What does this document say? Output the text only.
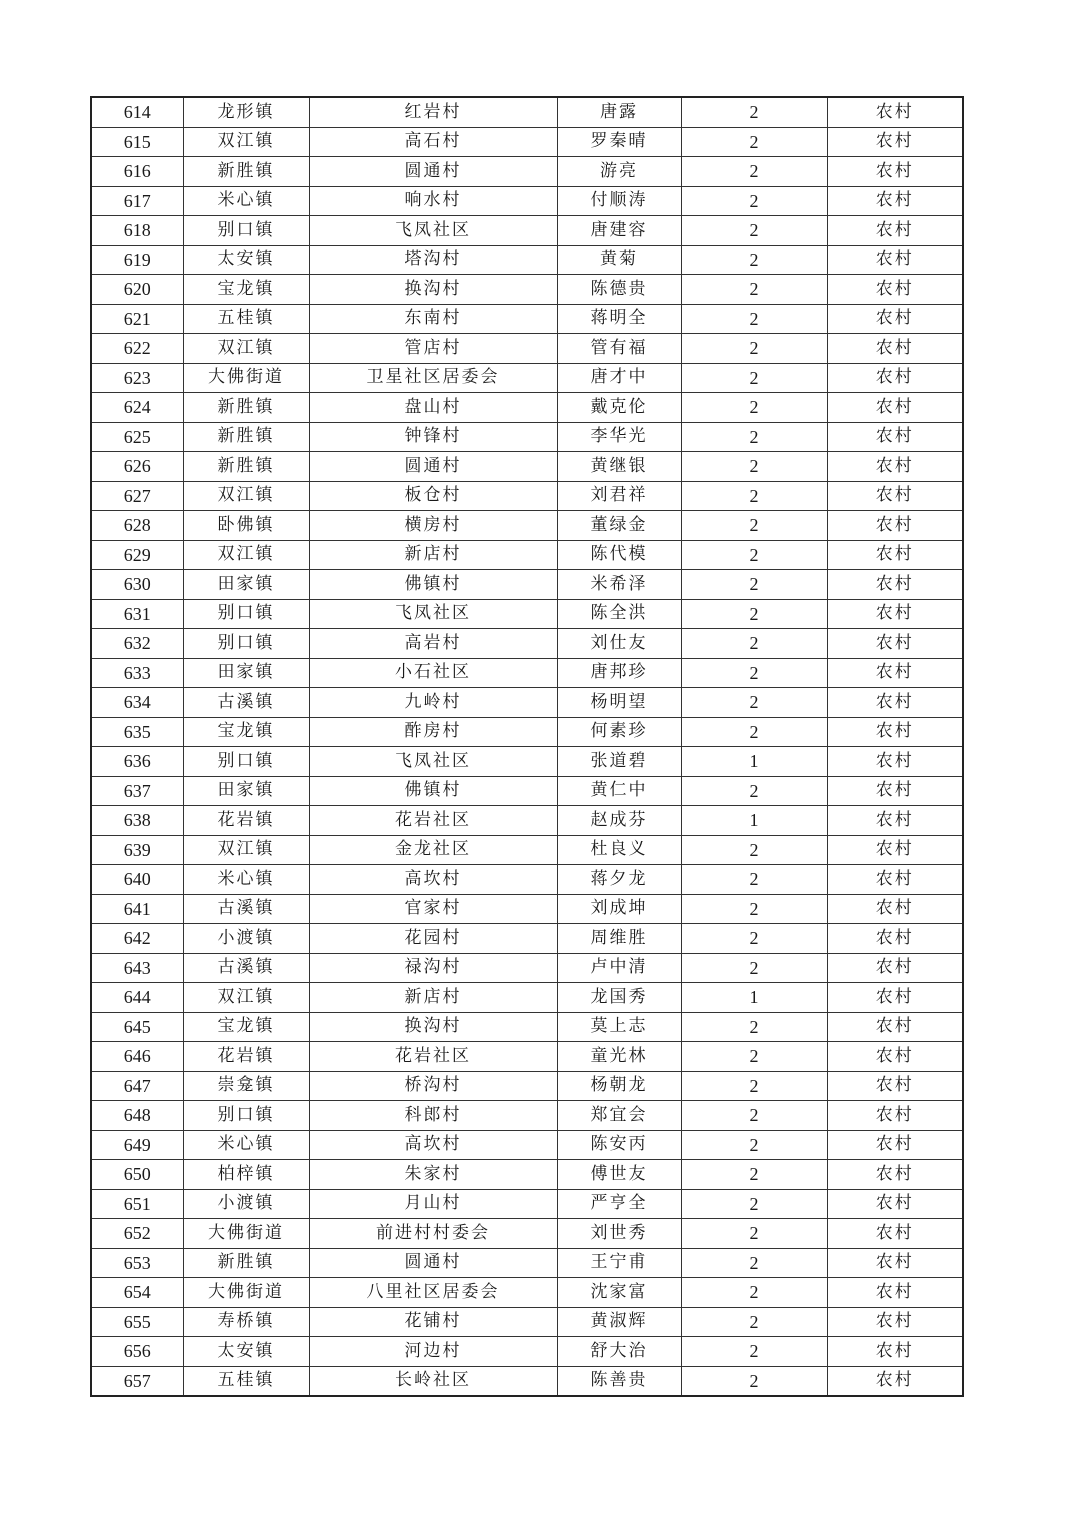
614	龙形镇	红岩村	唐露	2	农村
615	双江镇	高石村	罗秦晴	2	农村
616	新胜镇	圆通村	游亮	2	农村
617	米心镇	响水村	付顺涛	2	农村
618	别口镇	飞凤社区	唐建容	2	农村
619	太安镇	塔沟村	黄菊	2	农村
620	宝龙镇	换沟村	陈德贵	2	农村
621	五桂镇	东南村	蒋明全	2	农村
622	双江镇	管店村	管有福	2	农村
623	大佛街道	卫星社区居委会	唐才中	2	农村
624	新胜镇	盘山村	戴克伦	2	农村
625	新胜镇	钟锋村	李华光	2	农村
626	新胜镇	圆通村	黄继银	2	农村
627	双江镇	板仓村	刘君祥	2	农村
628	卧佛镇	横房村	董绿金	2	农村
629	双江镇	新店村	陈代模	2	农村
630	田家镇	佛镇村	米希泽	2	农村
631	别口镇	飞凤社区	陈全洪	2	农村
632	别口镇	高岩村	刘仕友	2	农村
633	田家镇	小石社区	唐邦珍	2	农村
634	古溪镇	九岭村	杨明望	2	农村
635	宝龙镇	酢房村	何素珍	2	农村
636	别口镇	飞凤社区	张道碧	1	农村
637	田家镇	佛镇村	黄仁中	2	农村
638	花岩镇	花岩社区	赵成芬	1	农村
639	双江镇	金龙社区	杜良义	2	农村
640	米心镇	高坎村	蒋夕龙	2	农村
641	古溪镇	官家村	刘成坤	2	农村
642	小渡镇	花园村	周维胜	2	农村
643	古溪镇	禄沟村	卢中清	2	农村
644	双江镇	新店村	龙国秀	1	农村
645	宝龙镇	换沟村	莫上志	2	农村
646	花岩镇	花岩社区	童光林	2	农村
647	崇龛镇	桥沟村	杨朝龙	2	农村
648	别口镇	科郎村	郑宜会	2	农村
649	米心镇	高坎村	陈安丙	2	农村
650	柏梓镇	朱家村	傅世友	2	农村
651	小渡镇	月山村	严亨全	2	农村
652	大佛街道	前进村村委会	刘世秀	2	农村
653	新胜镇	圆通村	王宁甫	2	农村
654	大佛街道	八里社区居委会	沈家富	2	农村
655	寿桥镇	花铺村	黄淑辉	2	农村
656	太安镇	河边村	舒大治	2	农村
657	五桂镇	长岭社区	陈善贵	2	农村
